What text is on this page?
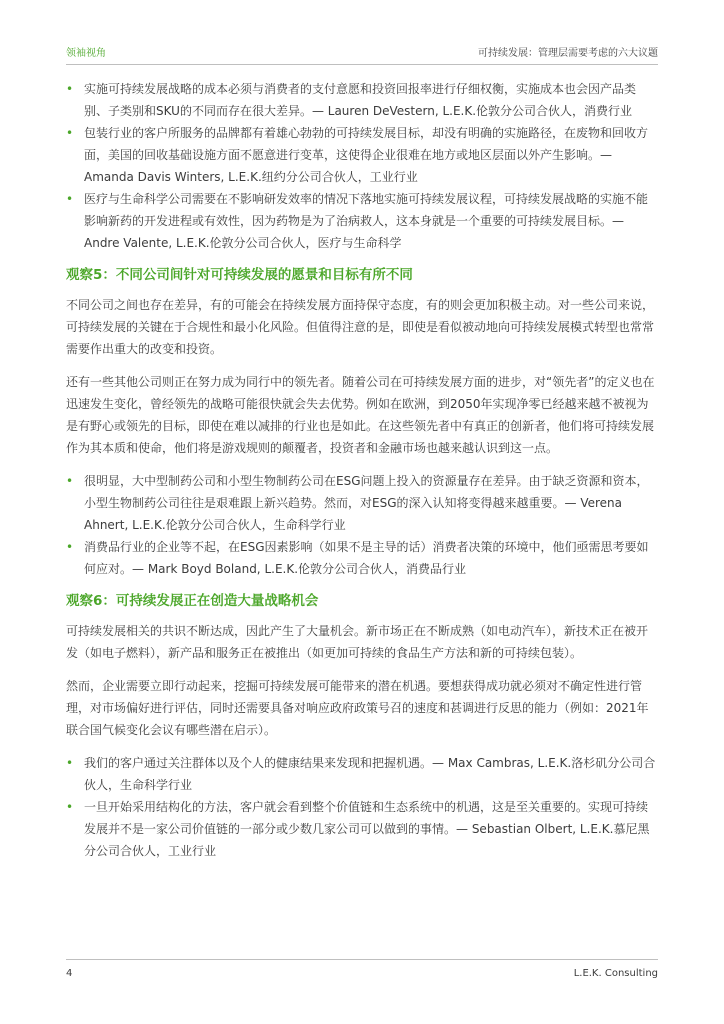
领袖视角	可持续发展：管理层需要考虑的六大议题
• 实施可持续发展战略的成本必须与消费者的支付意愿和投资回报率进行仔细权衡，实施成本也会因产品类别、子类别和SKU的不同而存在很大差异。— Lauren DeVestern, L.E.K.伦敦分公司合伙人，消费行业
• 包装行业的客户所服务的品牌都有着雄心勃勃的可持续发展目标，却没有明确的实施路径，在废物和回收方面，美国的回收基础设施方面不愿意进行变革，这使得企业很难在地方或地区层面以外产生影响。— Amanda Davis Winters, L.E.K.纽约分公司合伙人，工业行业
• 医疗与生命科学公司需要在不影响研发效率的情况下落地实施可持续发展议程，可持续发展战略的实施不能影响新药的开发进程或有效性，因为药物是为了治病救人，这本身就是一个重要的可持续发展目标。— Andre Valente, L.E.K.伦敦分公司合伙人，医疗与生命科学
观察5：不同公司间针对可持续发展的愿景和目标有所不同

不同公司之间也存在差异，有的可能会在持续发展方面持保守态度，有的则会更加积极主动。对一些公司来说，可持续发展的关键在于合规性和最小化风险。但值得注意的是，即使是看似被动地向可持续发展模式转型也常常需要作出重大的改变和投资。

还有一些其他公司则正在努力成为同行中的领先者。随着公司在可持续发展方面的进步，对“领先者”的定义也在迅速发生变化，曾经领先的战略可能很快就会失去优势。例如在欧洲，到2050年实现净零已经越来越不被视为是有野心或领先的目标，即使在难以减排的行业也是如此。在这些领先者中有真正的创新者，他们将可持续发展作为其本质和使命，他们将是游戏规则的颠覆者，投资者和金融市场也越来越认识到这一点。

• 很明显，大中型制药公司和小型生物制药公司在ESG问题上投入的资源量存在差异。由于缺乏资源和资本，小型生物制药公司往往是艰难跟上新兴趋势。然而，对ESG的深入认知将变得越来越重要。— Verena Ahnert, L.E.K.伦敦分公司合伙人，生命科学行业
• 消费品行业的企业等不起，在ESG因素影响（如果不是主导的话）消费者决策的环境中，他们亟需思考要如何应对。— Mark Boyd Boland, L.E.K.伦敦分公司合伙人，消费品行业
观察6：可持续发展正在创造大量战略机会

可持续发展相关的共识不断达成，因此产生了大量机会。新市场正在不断成熟（如电动汽车），新技术正在被开发（如电子燃料），新产品和服务正在被推出（如更加可持续的食品生产方法和新的可持续包装）。

然而，企业需要立即行动起来，挖掘可持续发展可能带来的潜在机遇。要想获得成功就必须对不确定性进行管理，对市场偏好进行评估，同时还需要具备对响应政府政策号召的速度和甚调进行反思的能力（例如：2021年联合国气候变化会议有哪些潜在启示）。

• 我们的客户通过关注群体以及个人的健康结果来发现和把握机遇。— Max Cambras, L.E.K.洛杉矶分公司合伙人，生命科学行业
• 一旦开始采用结构化的方法，客户就会看到整个价值链和生态系统中的机遇，这是至关重要的。实现可持续发展并不是一家公司价值链的一部分或少数几家公司可以做到的事情。— Sebastian Olbert, L.E.K.慕尼黑分公司合伙人，工业行业
4	L.E.K. Consulting
